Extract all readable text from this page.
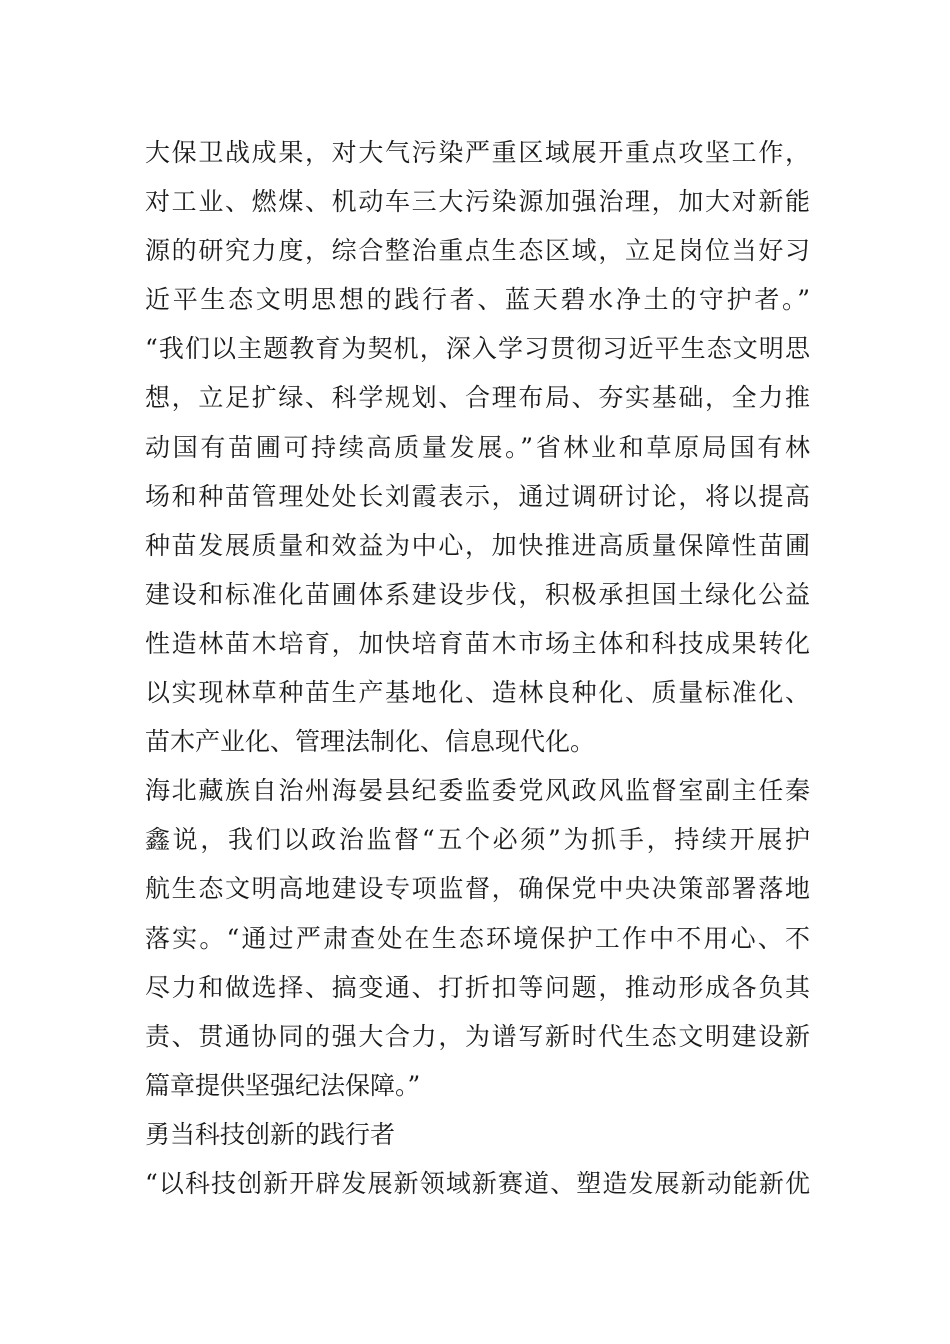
大保卫战成果，对大气污染严重区域展开重点攻坚工作，
对工业、燃煤、机动车三大污染源加强治理，加大对新能
源的研究力度，综合整治重点生态区域，立足岗位当好习
近平生态文明思想的践行者、蓝天碧水净土的守护者。”
“我们以主题教育为契机，深入学习贯彻习近平生态文明思
想，立足扩绿、科学规划、合理布局、夯实基础，全力推
动国有苗圃可持续高质量发展。”省林业和草原局国有林
场和种苗管理处处长刘霞表示，通过调研讨论，将以提高
种苗发展质量和效益为中心，加快推进高质量保障性苗圃
建设和标准化苗圃体系建设步伐，积极承担国土绿化公益
性造林苗木培育，加快培育苗木市场主体和科技成果转化
以实现林草种苗生产基地化、造林良种化、质量标准化、
苗木产业化、管理法制化、信息现代化。
海北藏族自治州海晏县纪委监委党风政风监督室副主任秦
鑫说，我们以政治监督“五个必须”为抓手，持续开展护
航生态文明高地建设专项监督，确保党中央决策部署落地
落实。“通过严肃查处在生态环境保护工作中不用心、不
尽力和做选择、搞变通、打折扣等问题，推动形成各负其
责、贯通协同的强大合力，为谱写新时代生态文明建设新
篇章提供坚强纪法保障。”
勇当科技创新的践行者
“以科技创新开辟发展新领域新赛道、塑造发展新动能新优
